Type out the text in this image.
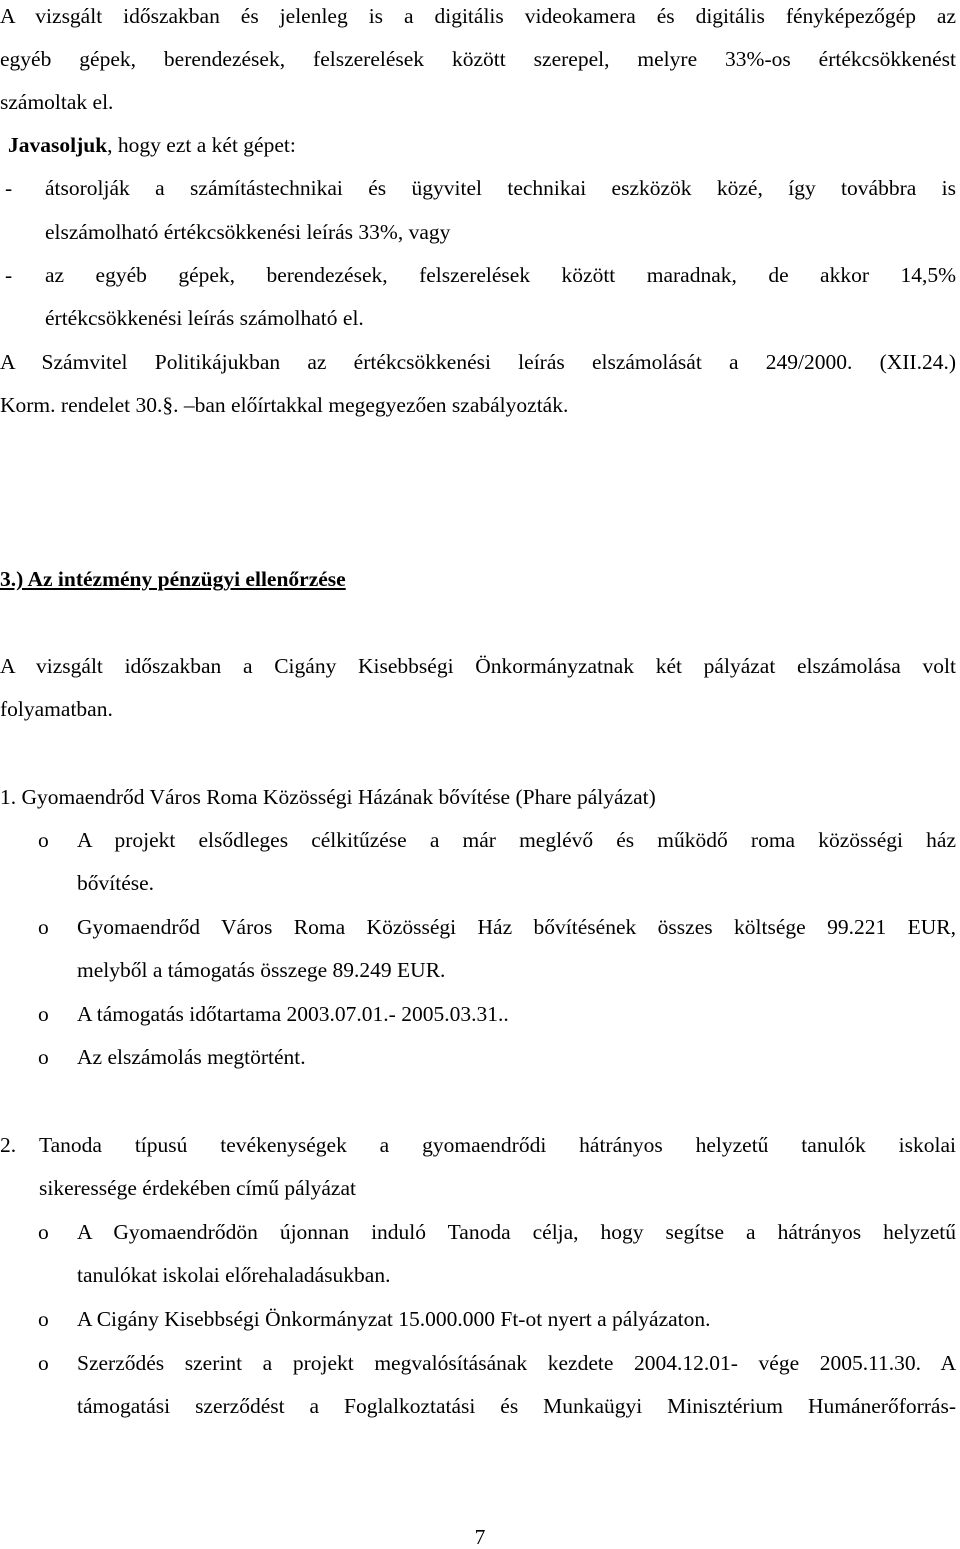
A vizsgált időszakban és jelenleg is a digitális videokamera és digitális fényképezőgép az
egyéb gépek, berendezések, felszerelések között szerepel, melyre 33%-os értékcsökkenést
számoltak el.
Javasoljuk, hogy ezt a két gépet:
-	átsorolják a számítástechnikai és ügyvitel technikai eszközök közé, így továbbra is
elszámolható értékcsökkenési leírás 33%, vagy
-	az egyéb gépek, berendezések, felszerelések között maradnak, de akkor 14,5%
értékcsökkenési leírás számolható el.
A Számvitel Politikájukban az értékcsökkenési leírás elszámolását a 249/2000. (XII.24.)
Korm. rendelet 30.§. –ban előírtakkal megegyezően szabályozták.
3.) Az intézmény pénzügyi ellenőrzése
A vizsgált időszakban a Cigány Kisebbségi Önkormányzatnak két pályázat elszámolása volt
folyamatban.
1. Gyomaendrőd Város Roma Közösségi Házának bővítése (Phare pályázat)
o	A projekt elsődleges célkitűzése a már meglévő és működő roma közösségi ház
bővítése.
o	Gyomaendrőd Város Roma Közösségi Ház bővítésének összes költsége 99.221 EUR,
melyből a támogatás összege 89.249 EUR.
o	A támogatás időtartama 2003.07.01.- 2005.03.31..
o	Az elszámolás megtörtént.
2.	Tanoda típusú tevékenységek a gyomaendrődi hátrányos helyzetű tanulók iskolai
sikeressége érdekében című pályázat
o	A Gyomaendrődön újonnan induló Tanoda célja, hogy segítse a hátrányos helyzetű
tanulókat iskolai előrehaladásukban.
o	A Cigány Kisebbségi Önkormányzat 15.000.000 Ft-ot nyert a pályázaton.
o	Szerződés szerint a projekt megvalósításának kezdete 2004.12.01- vége 2005.11.30. A
támogatási szerződést a Foglalkoztatási és Munkaügyi Minisztérium Humánerőforrás-
7
